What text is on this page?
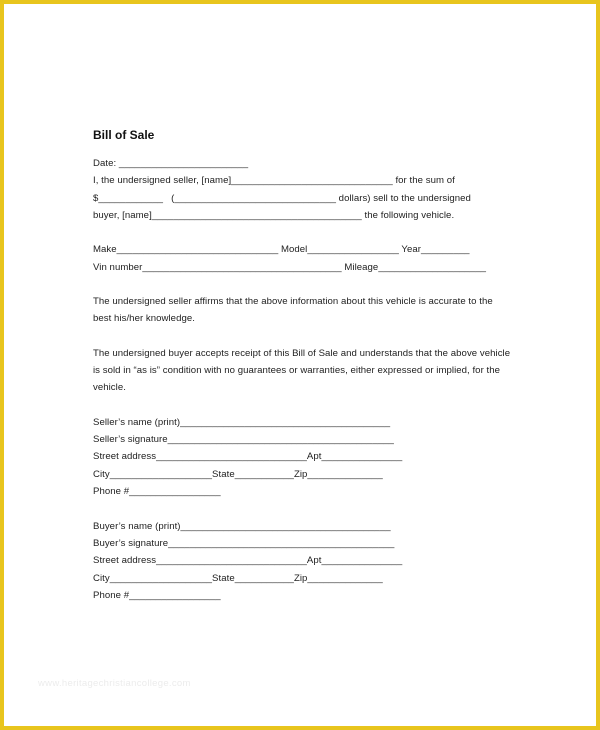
Bill of Sale
Date: ________________________
I, the undersigned seller, [name]______________________________ for the sum of
$____________   (______________________________ dollars) sell to the undersigned
buyer, [name]_______________________________________ the following vehicle.
Make______________________________ Model_________________ Year_________
Vin number_____________________________________ Mileage____________________
The undersigned seller affirms that the above information about this vehicle is accurate to the
best his/her knowledge.
The undersigned buyer accepts receipt of this Bill of Sale and understands that the above vehicle
is sold in “as is” condition with no guarantees or warranties, either expressed or implied, for the
vehicle.
Seller’s name (print)_______________________________________
Seller’s signature__________________________________________
Street address____________________________Apt_______________
City___________________State___________Zip______________
Phone #_________________
Buyer’s name (print)_______________________________________
Buyer’s signature__________________________________________
Street address____________________________Apt_______________
City___________________State___________Zip______________
Phone #_________________
www.heritagechristiancollege.com
